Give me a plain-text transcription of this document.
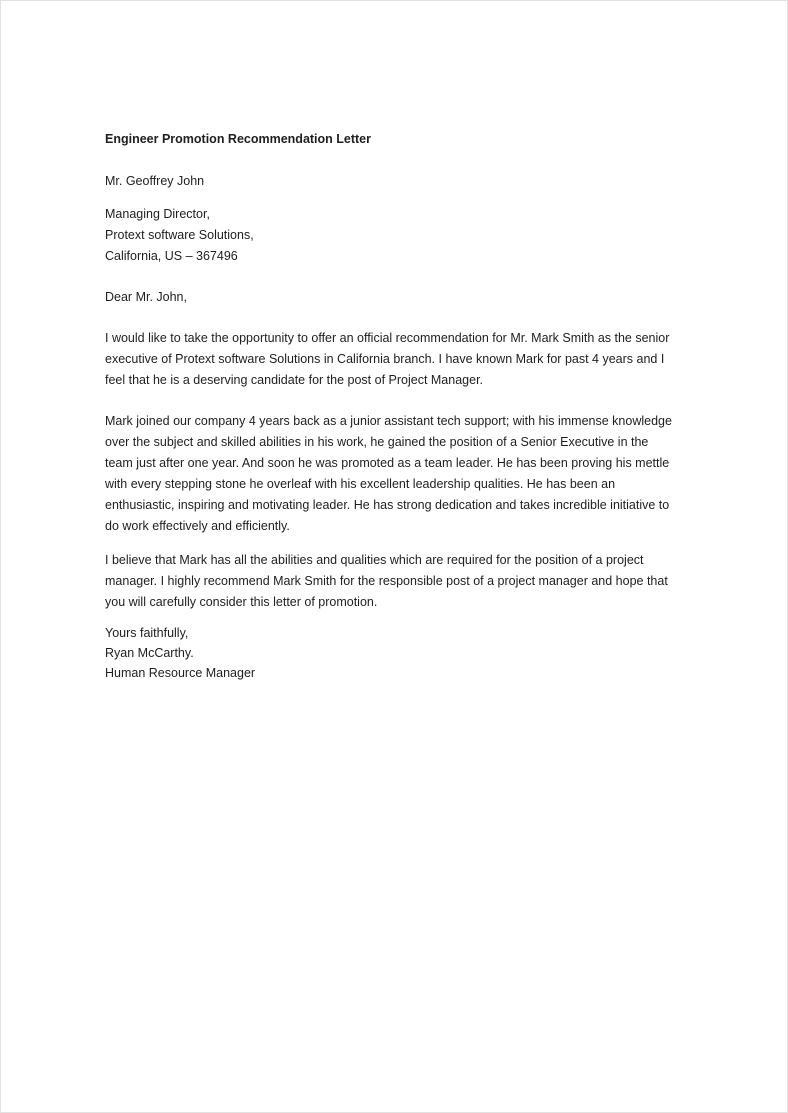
Engineer Promotion Recommendation Letter
Mr. Geoffrey John
Managing Director,
Protext software Solutions,
California, US – 367496
Dear Mr. John,

I would like to take the opportunity to offer an official recommendation for Mr. Mark Smith as the senior executive of Protext software Solutions in California branch. I have known Mark for past 4 years and I feel that he is a deserving candidate for the post of Project Manager.

Mark joined our company 4 years back as a junior assistant tech support; with his immense knowledge over the subject and skilled abilities in his work, he gained the position of a Senior Executive in the team just after one year. And soon he was promoted as a team leader. He has been proving his mettle with every stepping stone he overleaf with his excellent leadership qualities. He has been an enthusiastic, inspiring and motivating leader. He has strong dedication and takes incredible initiative to do work effectively and efficiently.

I believe that Mark has all the abilities and qualities which are required for the position of a project manager. I highly recommend Mark Smith for the responsible post of a project manager and hope that you will carefully consider this letter of promotion.

Yours faithfully,
Ryan McCarthy.
Human Resource Manager
